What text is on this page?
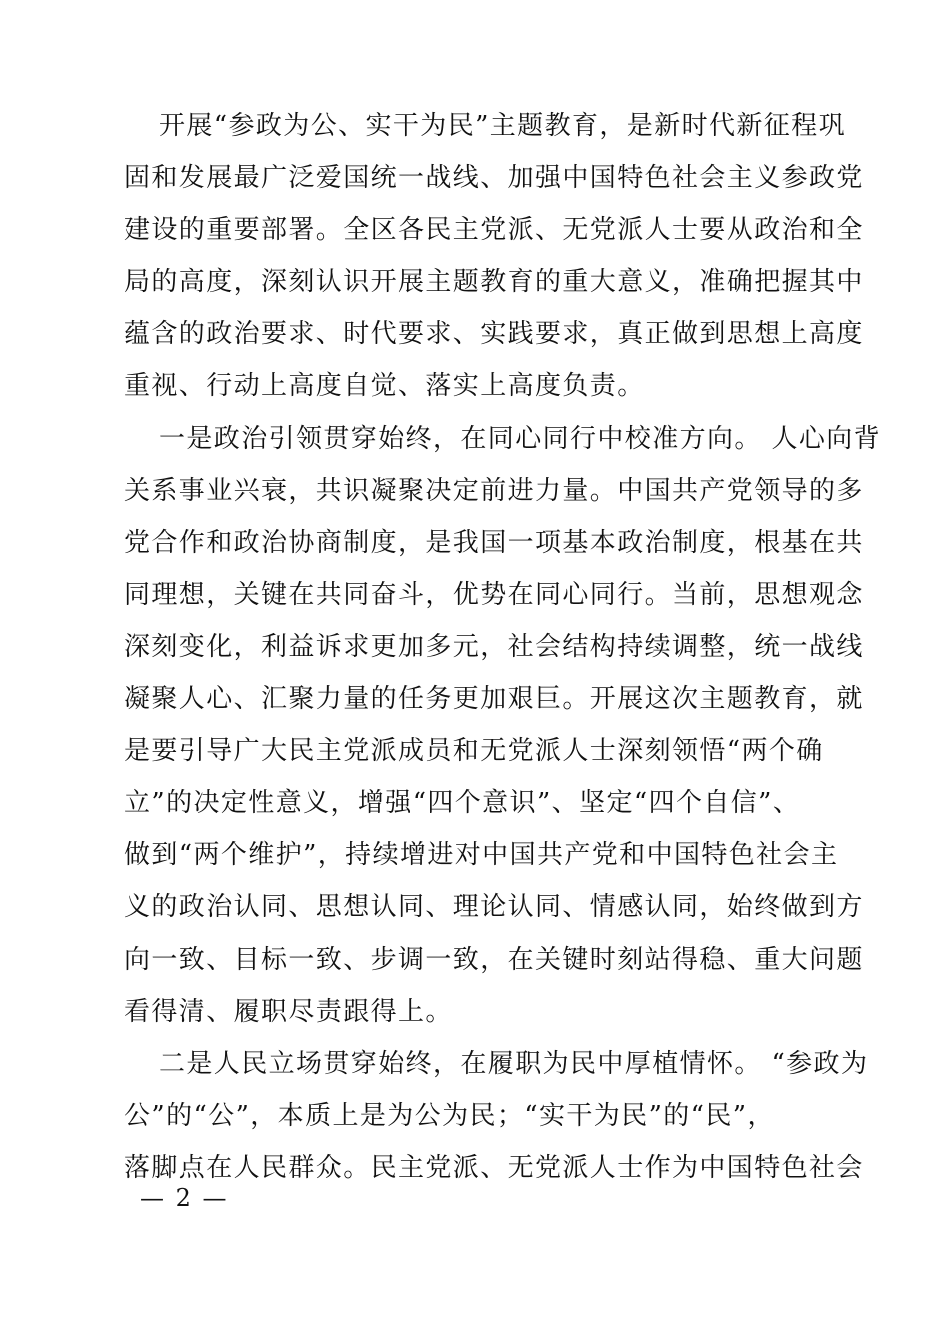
开展“参政为公、实干为民”主题教育，是新时代新征程巩
固和发展最广泛爱国统一战线、加强中国特色社会主义参政党
建设的重要部署。全区各民主党派、无党派人士要从政治和全
局的高度，深刻认识开展主题教育的重大意义，准确把握其中
蕴含的政治要求、时代要求、实践要求，真正做到思想上高度
重视、行动上高度自觉、落实上高度负责。
一是政治引领贯穿始终，在同心同行中校准方向。 人心向背
关系事业兴衰，共识凝聚决定前进力量。中国共产党领导的多
党合作和政治协商制度，是我国一项基本政治制度，根基在共
同理想，关键在共同奋斗，优势在同心同行。当前，思想观念
深刻变化，利益诉求更加多元，社会结构持续调整，统一战线
凝聚人心、汇聚力量的任务更加艰巨。开展这次主题教育，就
是要引导广大民主党派成员和无党派人士深刻领悟“两个确
立”的决定性意义，增强“四个意识”、坚定“四个自信”、
做到“两个维护”，持续增进对中国共产党和中国特色社会主
义的政治认同、思想认同、理论认同、情感认同，始终做到方
向一致、目标一致、步调一致，在关键时刻站得稳、重大问题
看得清、履职尽责跟得上。
二是人民立场贯穿始终，在履职为民中厚植情怀。 “参政为
公”的“公”，本质上是为公为民；“实干为民”的“民”，
落脚点在人民群众。民主党派、无党派人士作为中国特色社会
— 2 —
